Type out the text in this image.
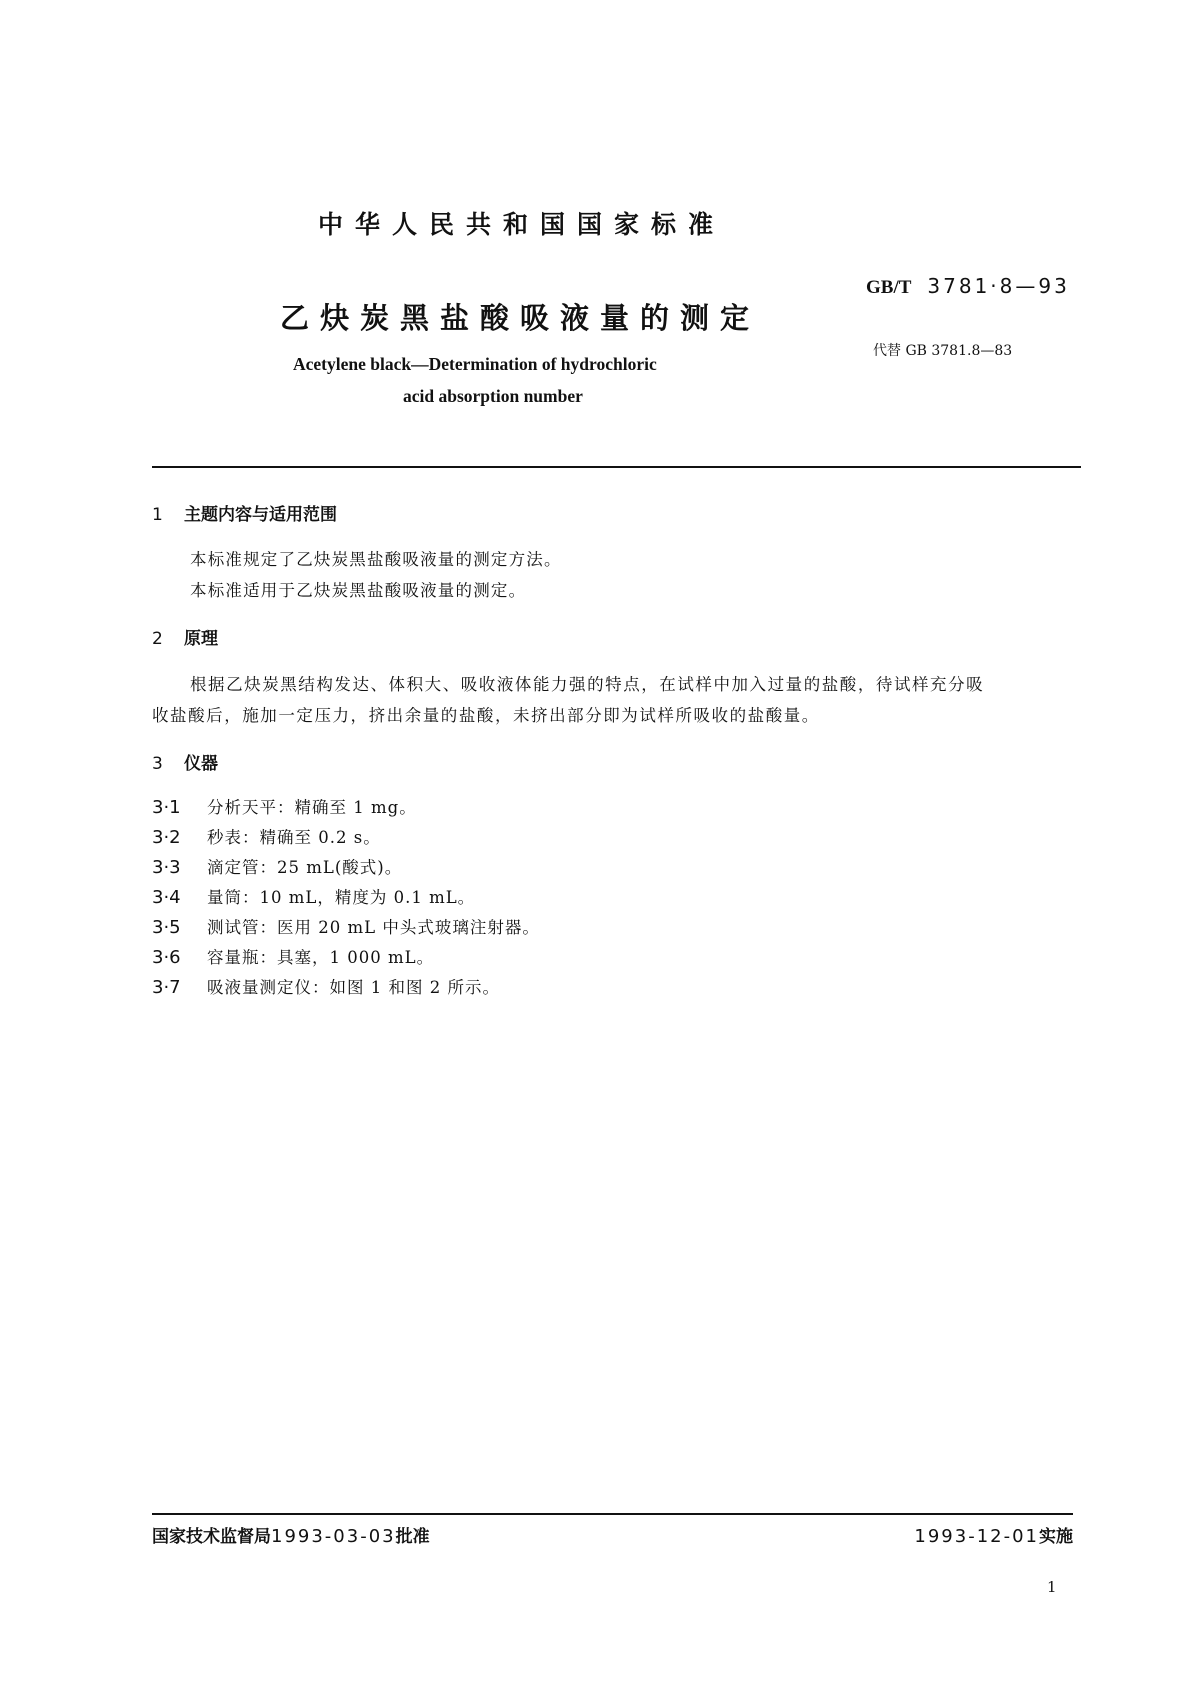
中华人民共和国国家标准
乙炔炭黑盐酸吸液量的测定
Acetylene black—Determination of hydrochloric
acid absorption number
GB/T 3781·8—93
代替 GB 3781.8—83
1 主题内容与适用范围
本标准规定了乙炔炭黑盐酸吸液量的测定方法。
本标准适用于乙炔炭黑盐酸吸液量的测定。
2 原理
根据乙炔炭黑结构发达、体积大、吸收液体能力强的特点，在试样中加入过量的盐酸，待试样充分吸
收盐酸后，施加一定压力，挤出余量的盐酸，未挤出部分即为试样所吸收的盐酸量。
3 仪器
3·1 分析天平：精确至 1 mg。
3·2 秒表：精确至 0.2 s。
3·3 滴定管：25 mL(酸式)。
3·4 量筒：10 mL，精度为 0.1 mL。
3·5 测试管：医用 20 mL 中头式玻璃注射器。
3·6 容量瓶：具塞，1 000 mL。
3·7 吸液量测定仪：如图 1 和图 2 所示。
国家技术监督局1993-03-03批准	1993-12-01实施
1
